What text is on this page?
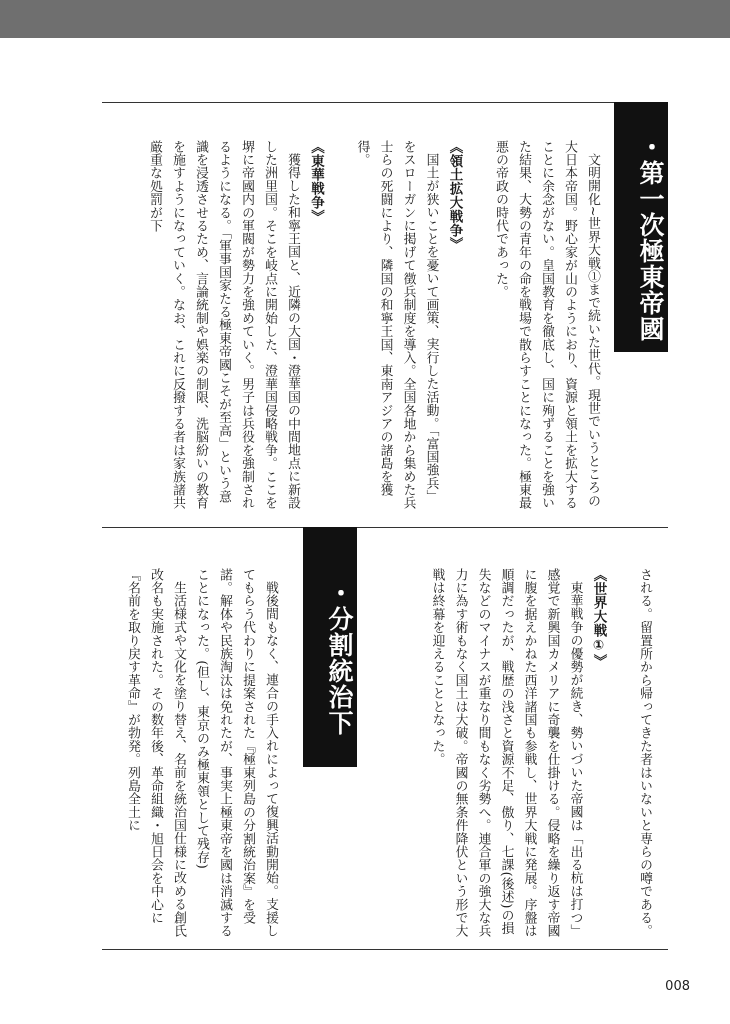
・第一次極東帝國

文明開化~世界大戦①まで続いた世代。現世でいうところの大日本帝国。野心家が山のようにおり、資源と領土を拡大することに余念がない。皇国教育を徹底し、国に殉ずることを強いた結果、大勢の青年の命を戦場で散らすことになった。極東最悪の帝政の時代であった。

《領土拡大戦争》

国土が狭いことを憂いて画策、実行した活動。「富国強兵」をスローガンに掲げて徴兵制度を導入。全国各地から集めた兵士らの死闘により、隣国の和寧王国、東南アジアの諸島を獲得。

《東華戦争》

獲得した和寧王国と、近隣の大国・澄華国の中間地点に新設した洲里国。そこを岐点に開始した、澄華国侵略戦争。ここを堺に帝國内の軍閥が勢力を強めていく。男子は兵役を強制されるようになる。「軍事国家たる極東帝國こそが至高」という意識を浸透させるため、言論統制や娯楽の制限、洗脳紛いの教育を施すようになっていく。なお、これに反撥する者は家族諸共厳重な処罰が下

・分割統治下	される。留置所から帰ってきた者はいないと専らの噂である。

《世界大戦①》

東華戦争の優勢が続き、勢いづいた帝國は「出る杭は打つ」感覚で新興国カメリアに奇襲を仕掛ける。侵略を繰り返す帝國に腹を据えかねた西洋諸国も参戦し、世界大戦に発展。序盤は順調だったが、戦歴の浅さと資源不足、傲り、七課(後述)の損失などのマイナスが重なり間もなく劣勢へ。連合軍の強大な兵力に為す術もなく国土は大破。帝國の無条件降伏という形で大戦は終幕を迎えることとなった。

戦後間もなく、連合の手入れによって復興活動開始。支援してもらう代わりに提案された『極東列島の分割統治案』を受諾。解体や民族淘汰は免れたが、事実上極東帝を國は消滅することになった。(但し、東京のみ極東領として残存)

生活様式や文化を塗り替え、名前を統治国仕様に改める創氏改名も実施された。その数年後、革命組織・旭日会を中心に『名前を取り戻す革命』が勃発。列島全土に

008
